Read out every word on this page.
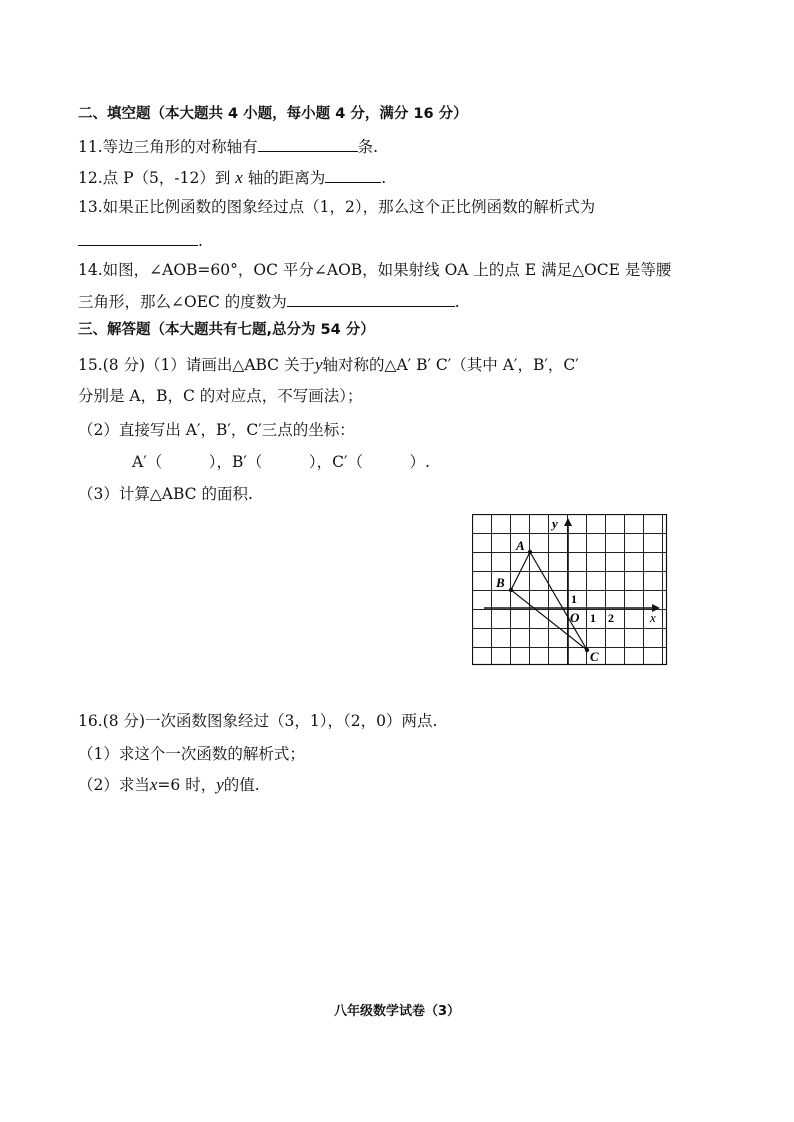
二、填空题（本大题共 4 小题，每小题 4 分，满分 16 分）
11.等边三角形的对称轴有	条.
12.点 P（5，-12）到 x 轴的距离为	.
13.如果正比例函数的图象经过点（1，2），那么这个正比例函数的解析式为
.
14.如图，∠AOB=60°，OC 平分∠AOB，如果射线 OA 上的点 E 满足△OCE 是等腰
三角形，那么∠OEC 的度数为	.
三、解答题（本大题共有七题,总分为 54 分）
15.(8 分)（1）请画出△ABC 关于y轴对称的△A′ B′ C′（其中 A′，B′，C′
分别是 A，B，C 的对应点，不写画法）；
（2）直接写出 A′，B′，C′三点的坐标：
A′（　　　），B′（　　　），C′（　　　）.
（3）计算△ABC 的面积.
y
x
O
A
B
C
1
1 2
16.(8 分)一次函数图象经过（3，1），（2，0）两点.
（1）求这个一次函数的解析式；
（2）求当x=6 时，y的值.
八年级数学试卷（3）
